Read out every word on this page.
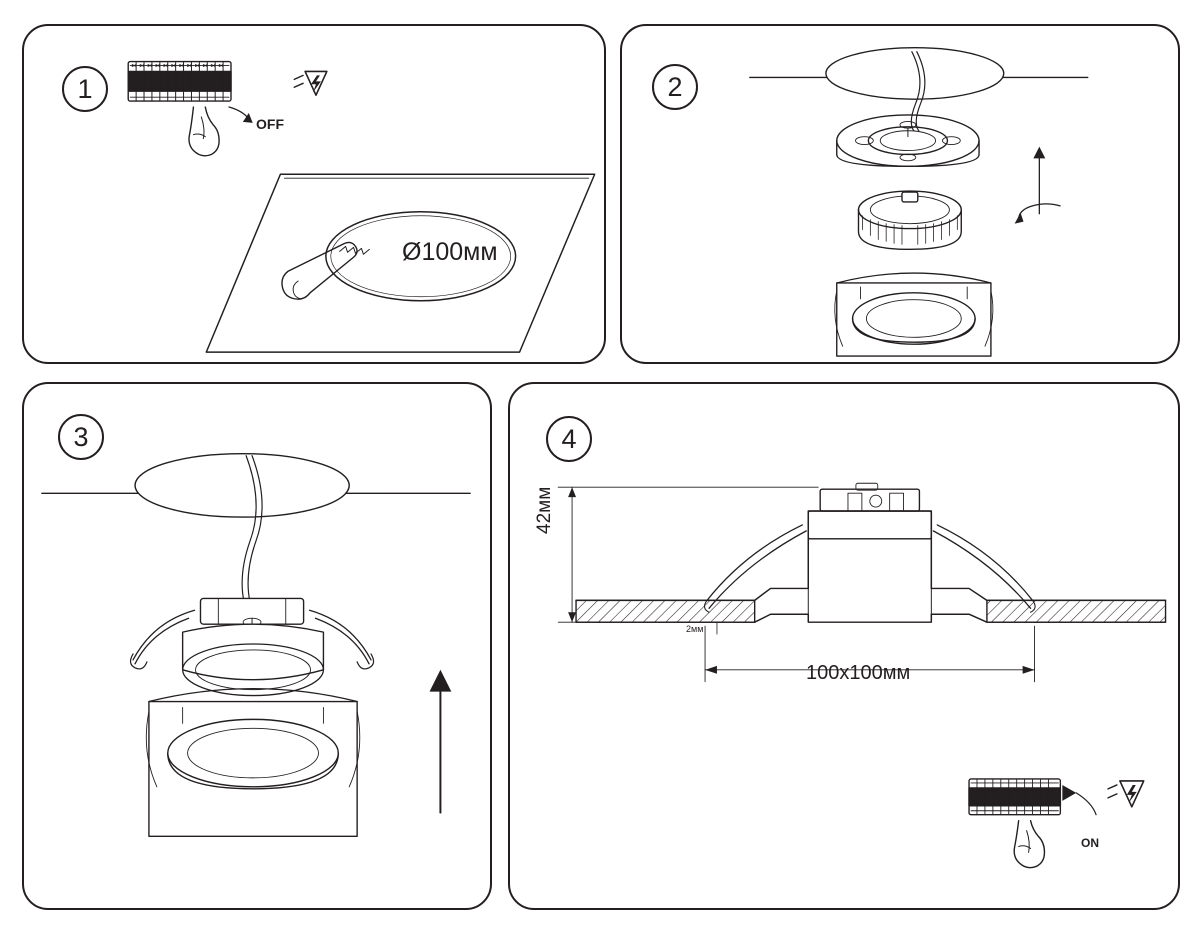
1
OFF
Ø100мм
2
3	4
42мм
2мм
100x100мм
ON
